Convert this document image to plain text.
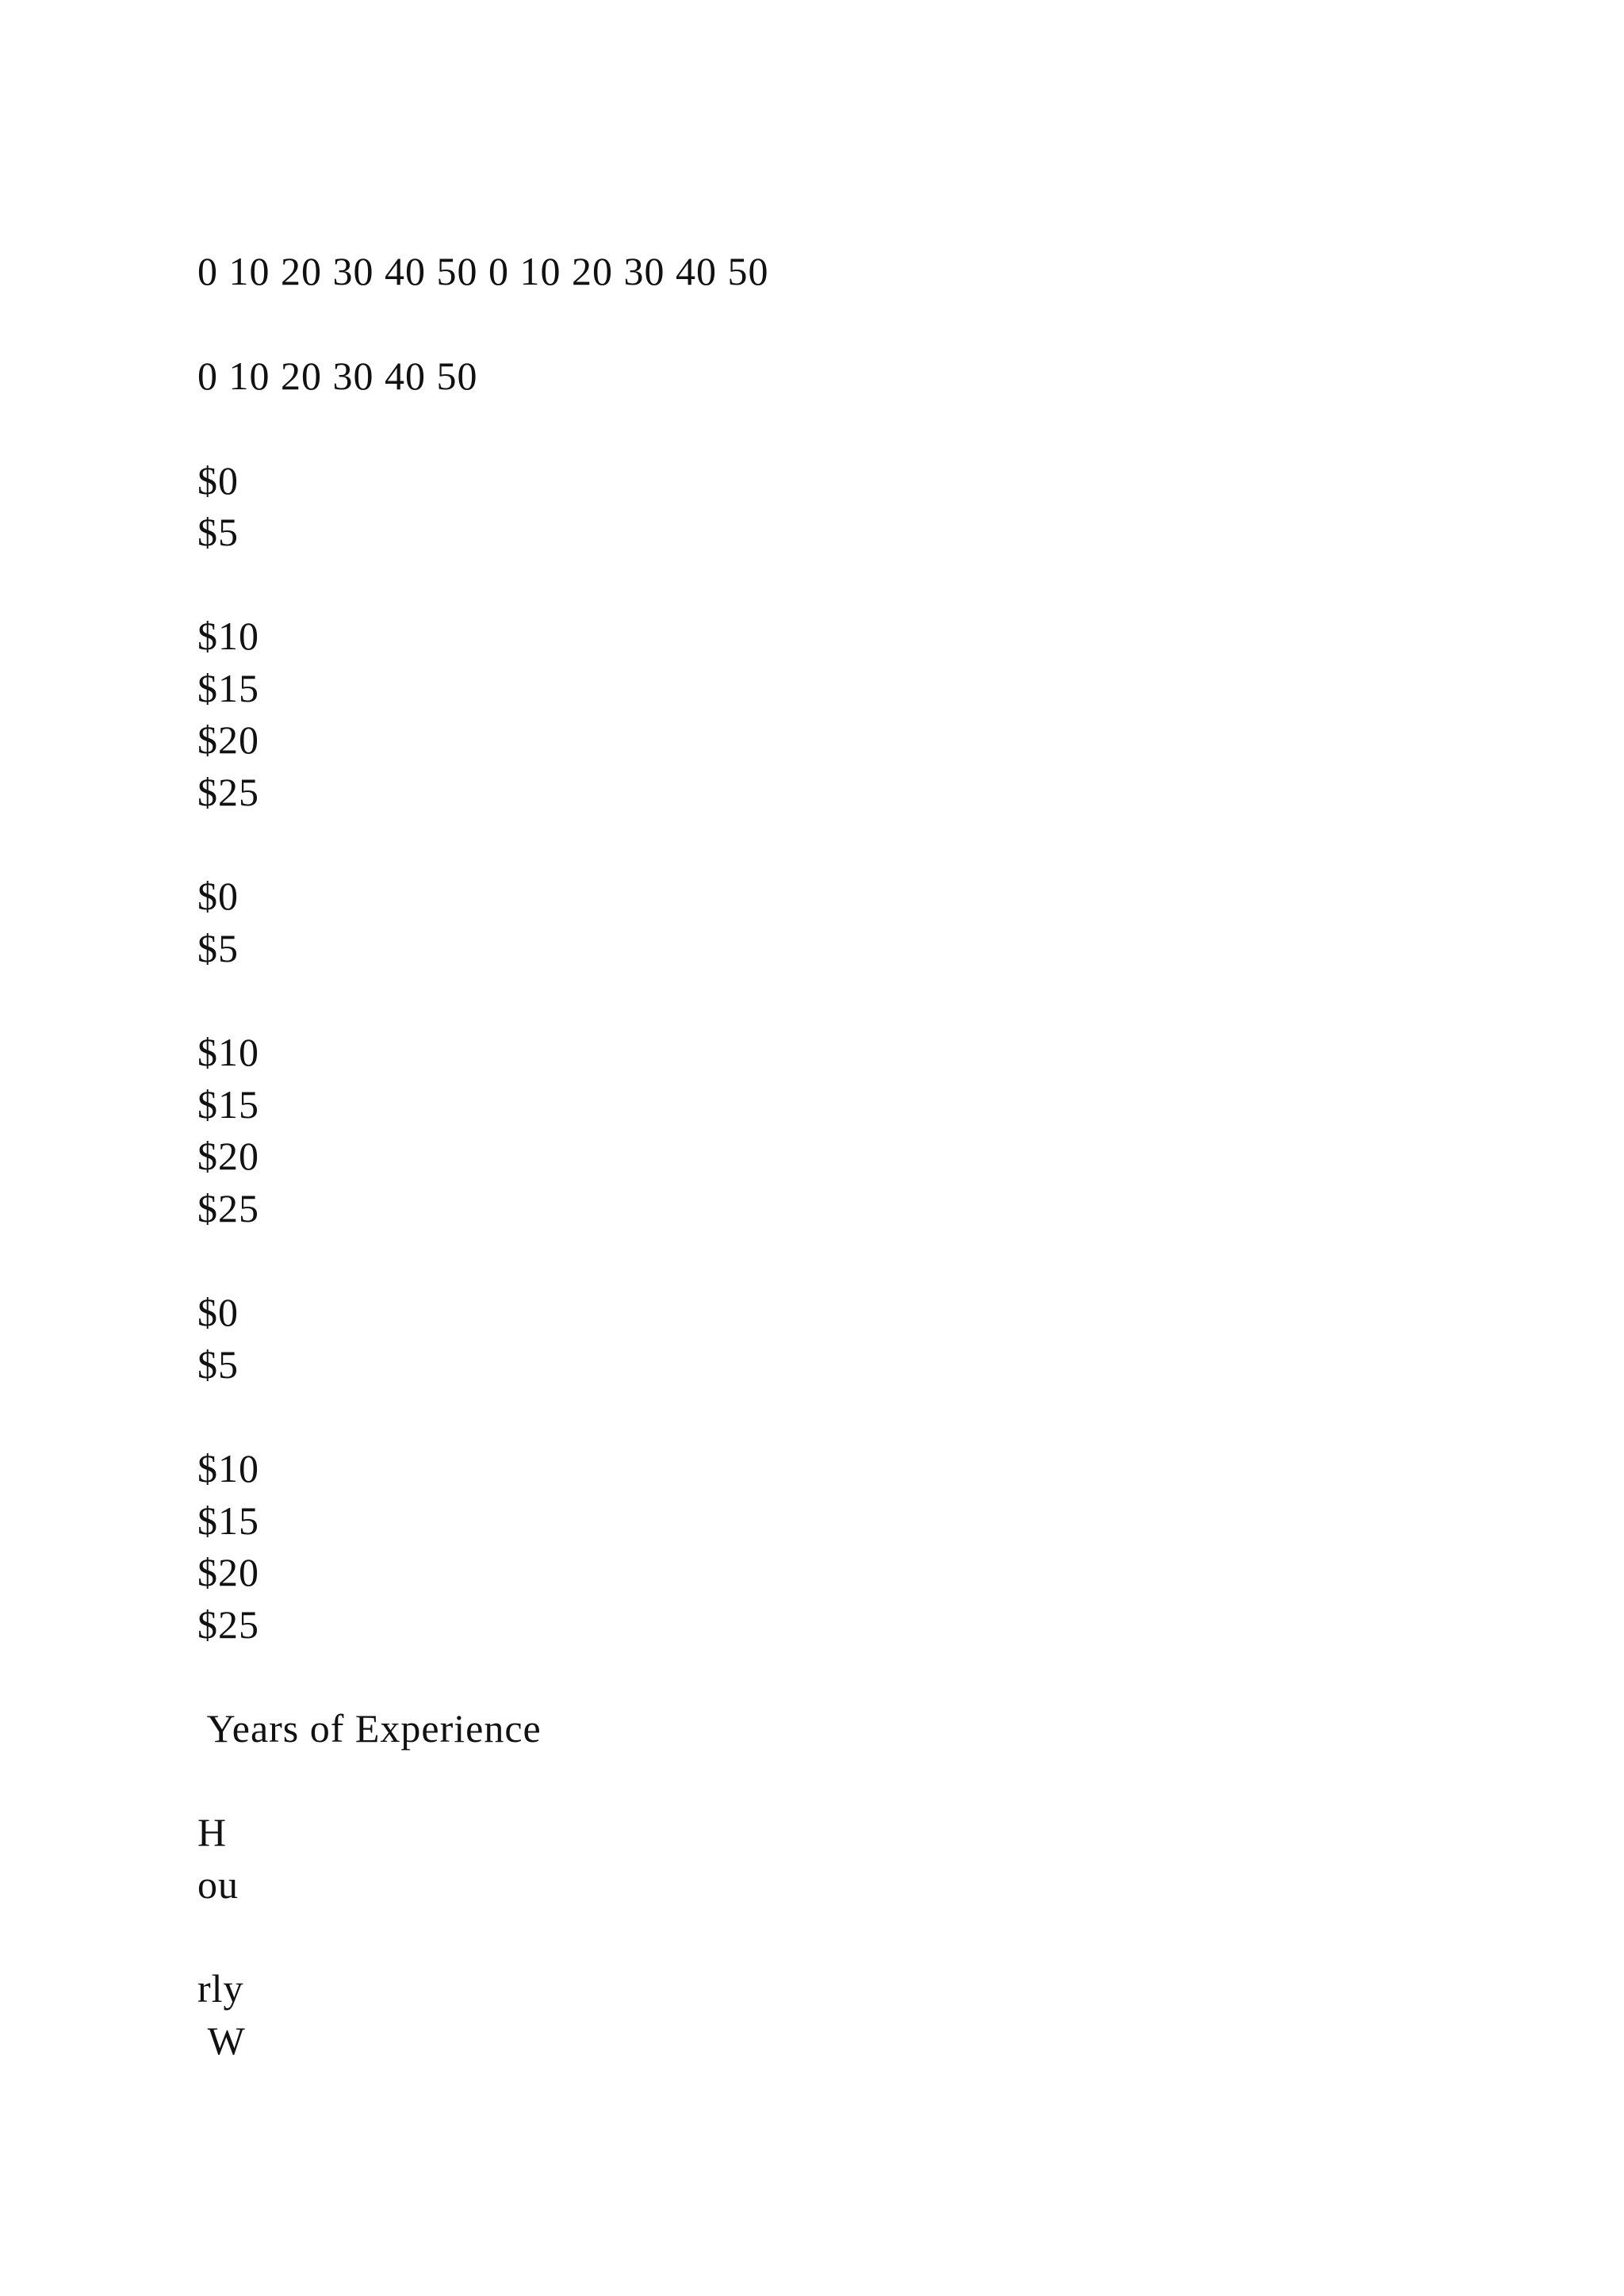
0 10 20 30 40 50 0 10 20 30 40 50
0 10 20 30 40 50
$0
$5
$10
$15
$20
$25
$0
$5
$10
$15
$20
$25
$0
$5
$10
$15
$20
$25
Years of Experience
H
ou
rly
W
